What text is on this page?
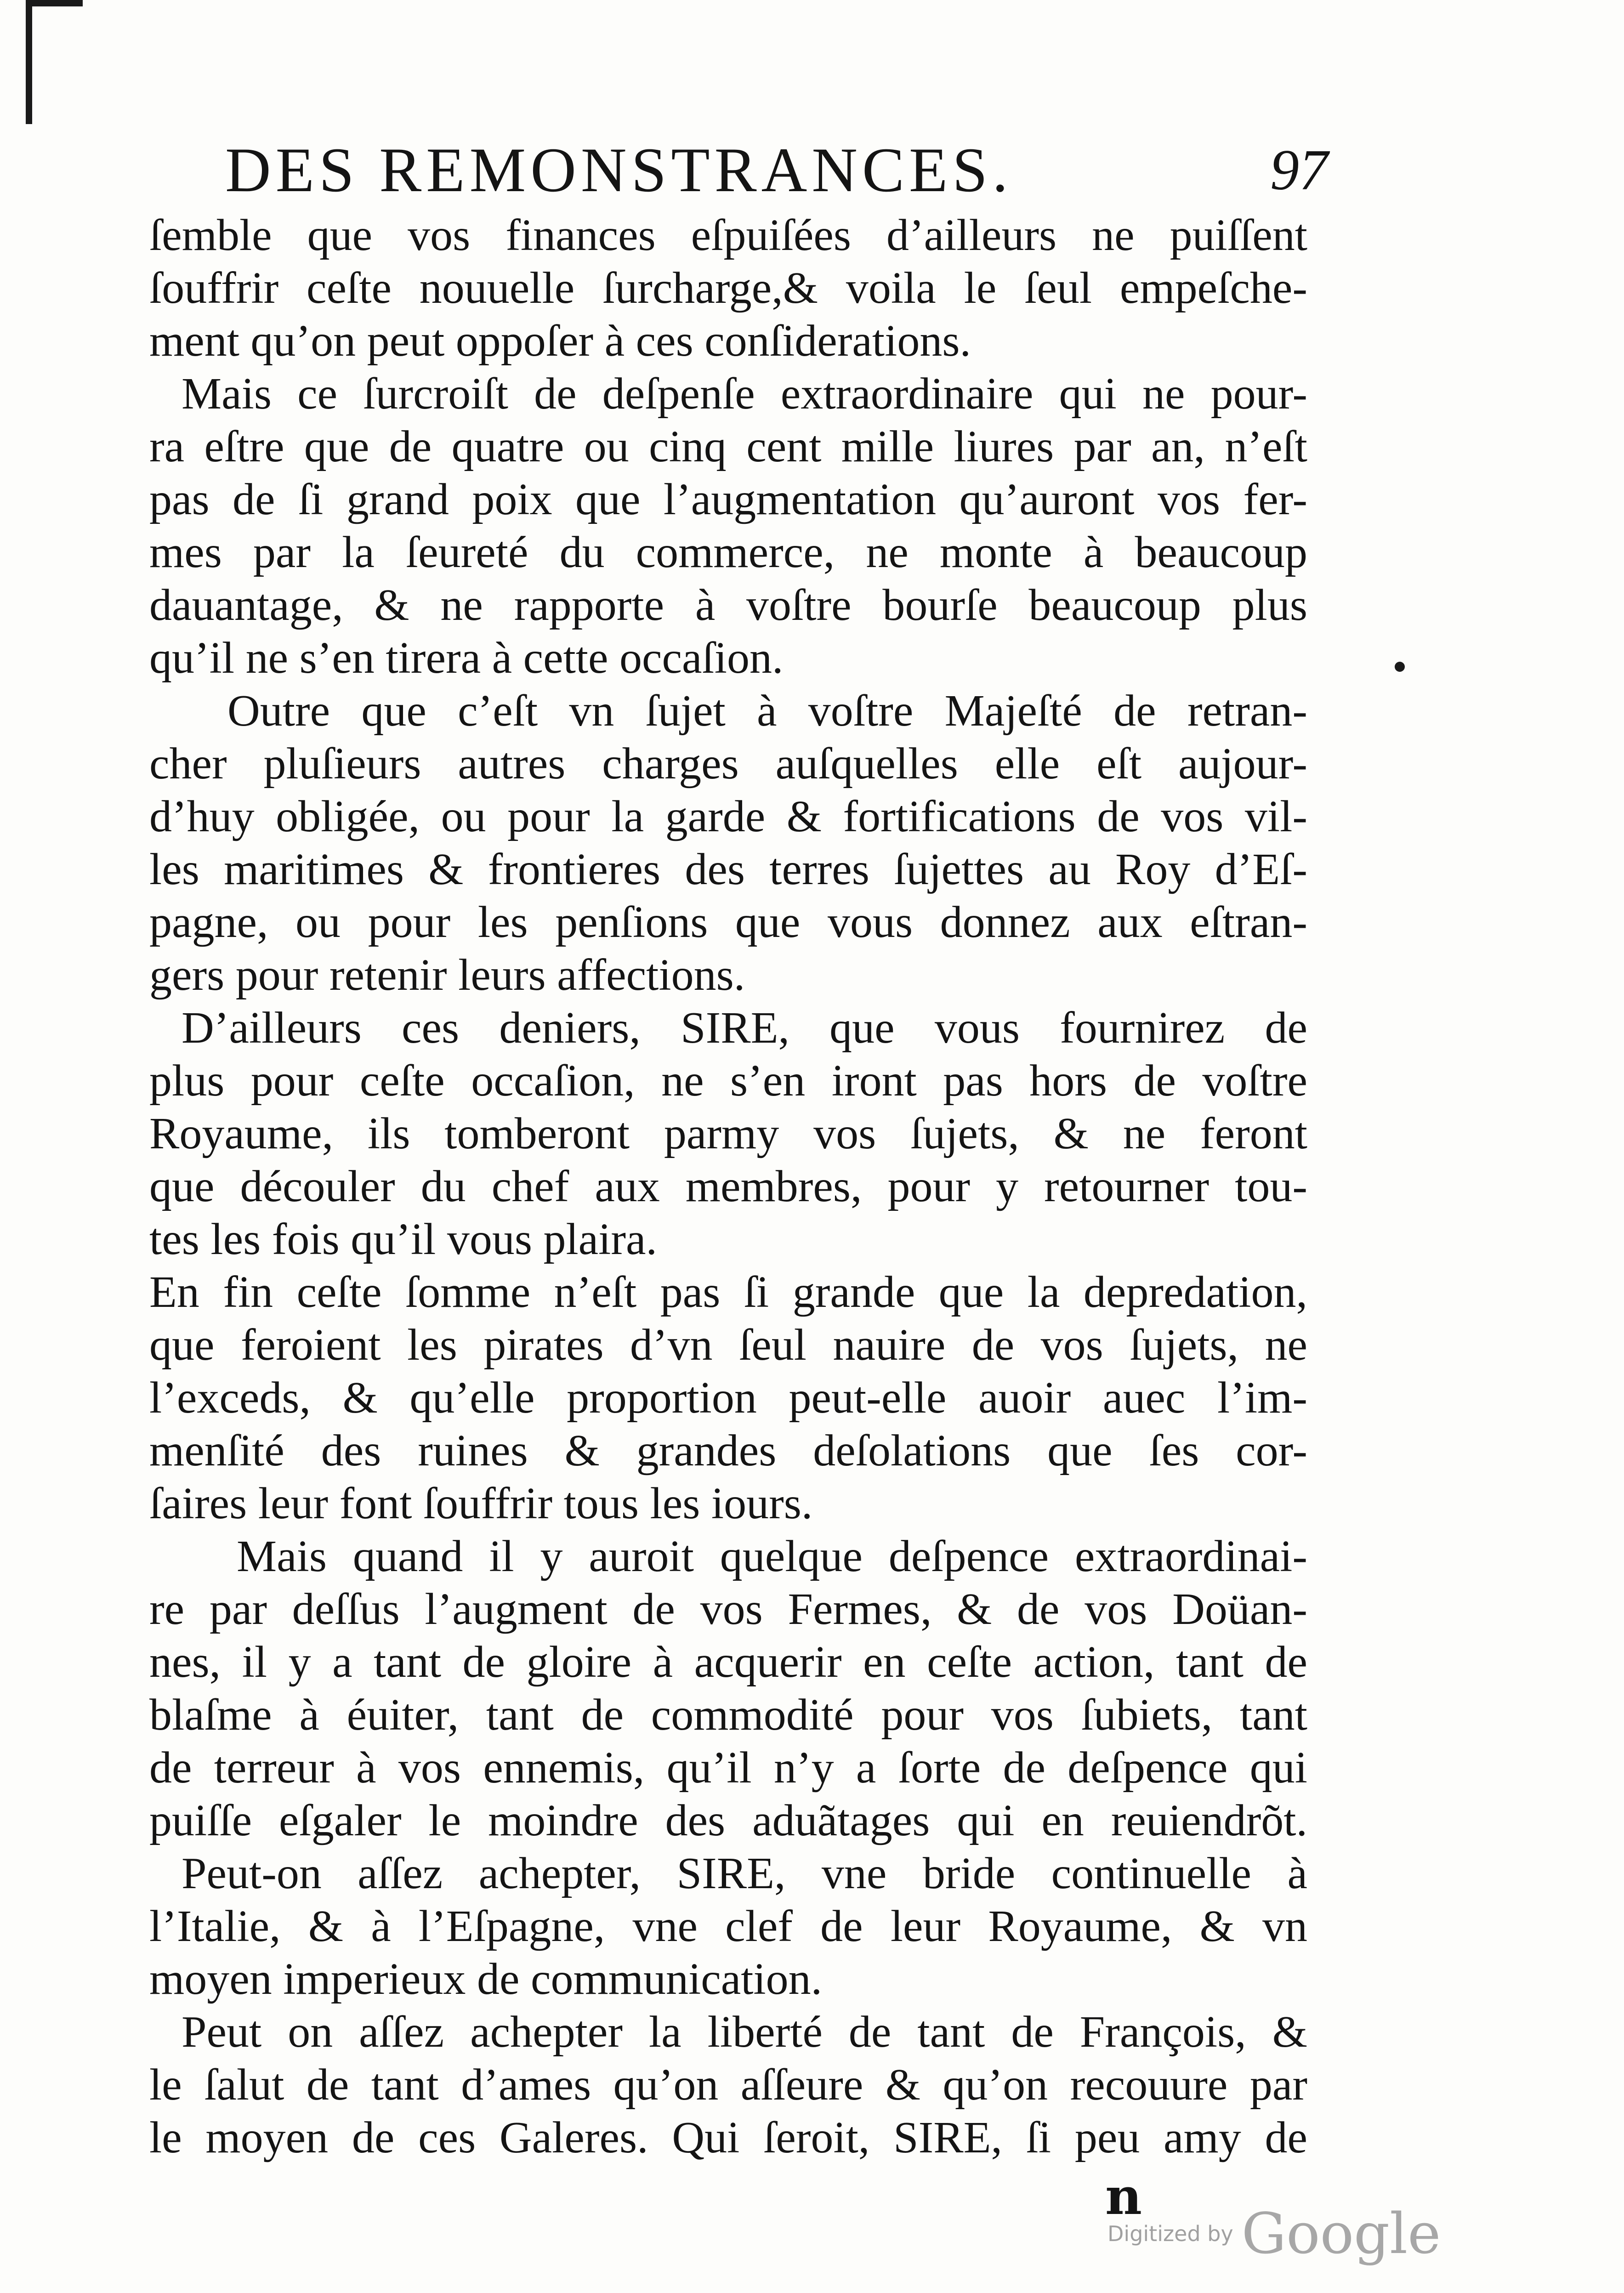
DES REMONSTRANCES.	97
ſemble que vos finances eſpuiſées d’ailleurs ne puiſſent
ſouffrir ceſte nouuelle ſurcharge,& voila le ſeul empeſche-
ment qu’on peut oppoſer à ces conſiderations.
Mais ce ſurcroiſt de deſpenſe extraordinaire qui ne pour-
ra eſtre que de quatre ou cinq cent mille liures par an, n’eſt
pas de ſi grand poix que l’augmentation qu’auront vos fer-
mes par la ſeureté du commerce, ne monte à beaucoup
dauantage, & ne rapporte à voſtre bourſe beaucoup plus
qu’il ne s’en tirera à cette occaſion.
Outre que c’eſt vn ſujet à voſtre Majeſté de retran-
cher pluſieurs autres charges auſquelles elle eſt aujour-
d’huy obligée, ou pour la garde & fortifications de vos vil-
les maritimes & frontieres des terres ſujettes au Roy d’Eſ-
pagne, ou pour les penſions que vous donnez aux eſtran-
gers pour retenir leurs affections.
D’ailleurs ces deniers, SIRE, que vous fournirez de
plus pour ceſte occaſion, ne s’en iront pas hors de voſtre
Royaume, ils tomberont parmy vos ſujets, & ne feront
que découler du chef aux membres, pour y retourner tou-
tes les fois qu’il vous plaira.
En fin ceſte ſomme n’eſt pas ſi grande que la depredation,
que feroient les pirates d’vn ſeul nauire de vos ſujets, ne
l’exceds, & qu’elle proportion peut-elle auoir auec l’im-
menſité des ruines & grandes deſolations que ſes cor-
ſaires leur font ſouffrir tous les iours.
Mais quand il y auroit quelque deſpence extraordinai-
re par deſſus l’augment de vos Fermes, & de vos Doüan-
nes, il y a tant de gloire à acquerir en ceſte action, tant de
blaſme à éuiter, tant de commodité pour vos ſubiets, tant
de terreur à vos ennemis, qu’il n’y a ſorte de deſpence qui
puiſſe eſgaler le moindre des aduãtages qui en reuiendrõt.
Peut-on aſſez achepter, SIRE, vne bride continuelle à
l’Italie, & à l’Eſpagne, vne clef de leur Royaume, & vn
moyen imperieux de communication.
Peut on aſſez achepter la liberté de tant de François, &
le ſalut de tant d’ames qu’on aſſeure & qu’on recouure par
le moyen de ces Galeres. Qui ſeroit, SIRE, ſi peu amy de
n
Digitized by Google
